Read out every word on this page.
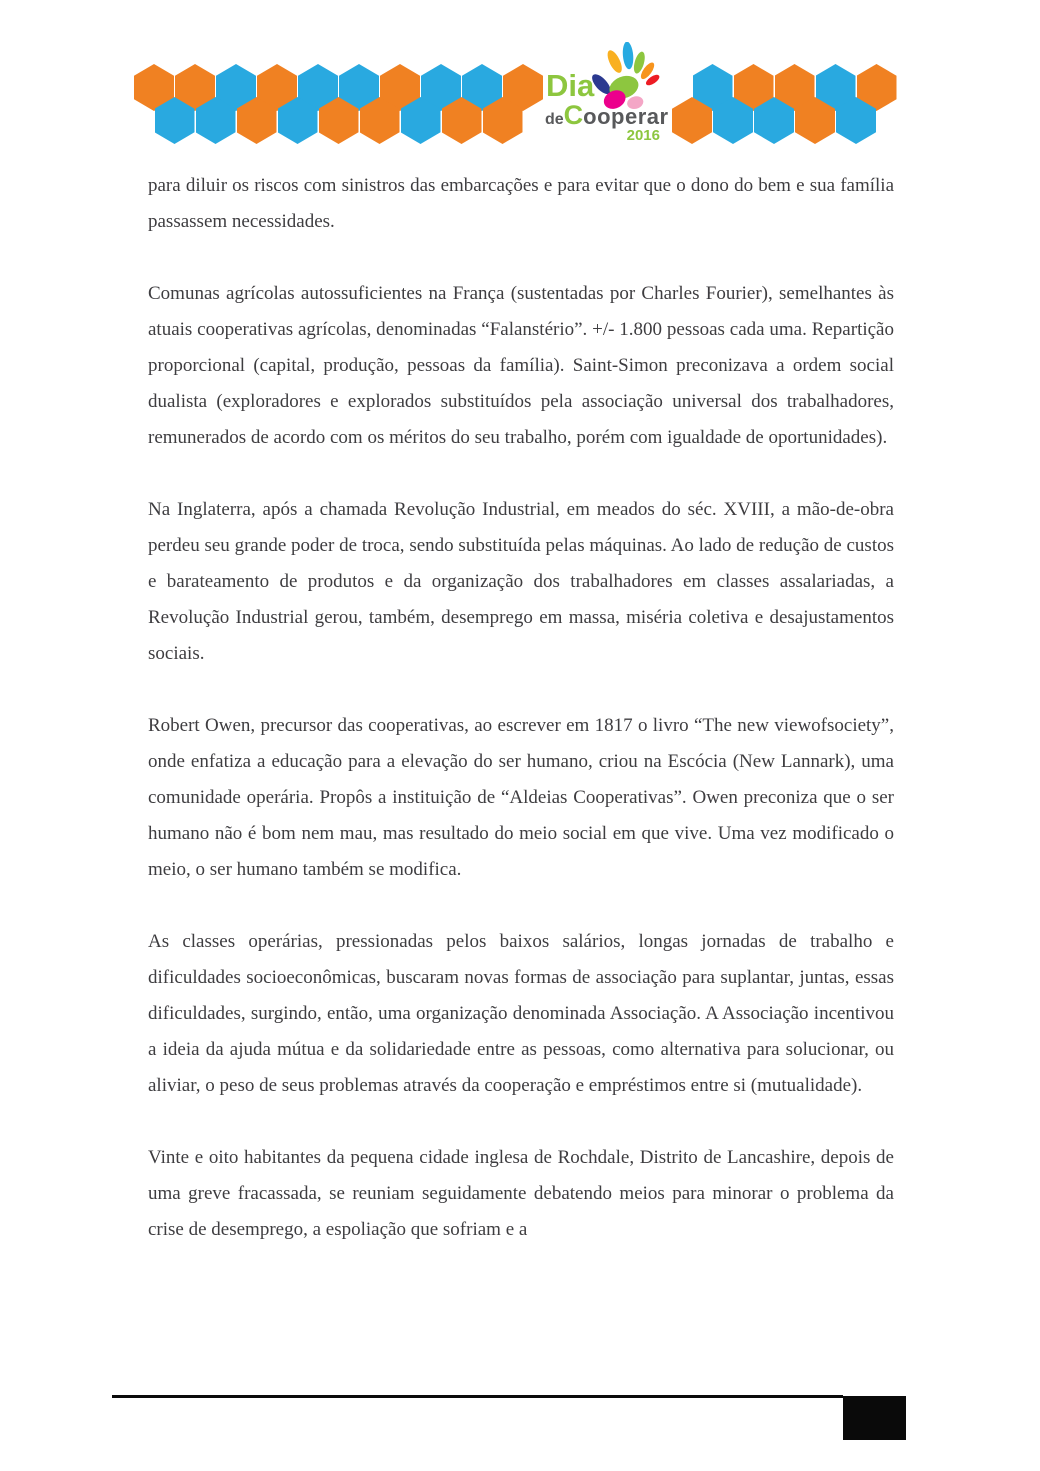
Dia
deCooperar
2016

para diluir os riscos com sinistros das embarcações e para evitar que o dono do bem e sua família passassem necessidades.

Comunas agrícolas autossuficientes na França (sustentadas por Charles Fourier), semelhantes às atuais cooperativas agrícolas, denominadas “Falanstério”. +/- 1.800 pessoas cada uma. Repartição proporcional (capital, produção, pessoas da família). Saint-Simon preconizava a ordem social dualista (exploradores e explorados substituídos pela associação universal dos trabalhadores, remunerados de acordo com os méritos do seu trabalho, porém com igualdade de oportunidades).

Na Inglaterra, após a chamada Revolução Industrial, em meados do séc. XVIII, a mão-de-obra perdeu seu grande poder de troca, sendo substituída pelas máquinas. Ao lado de redução de custos e barateamento de produtos e da organização dos trabalhadores em classes assalariadas, a Revolução Industrial gerou, também, desemprego em massa, miséria coletiva e desajustamentos sociais.

Robert Owen, precursor das cooperativas, ao escrever em 1817 o livro “The new viewofsociety”, onde enfatiza a educação para a elevação do ser humano, criou na Escócia (New Lannark), uma comunidade operária. Propôs a instituição de “Aldeias Cooperativas”. Owen preconiza que o ser humano não é bom nem mau, mas resultado do meio social em que vive. Uma vez modificado o meio, o ser humano também se modifica.

As classes operárias, pressionadas pelos baixos salários, longas jornadas de trabalho e dificuldades socioeconômicas, buscaram novas formas de associação para suplantar, juntas, essas dificuldades, surgindo, então, uma organização denominada Associação. A Associação incentivou a ideia da ajuda mútua e da solidariedade entre as pessoas, como alternativa para solucionar, ou aliviar, o peso de seus problemas através da cooperação e empréstimos entre si (mutualidade).

Vinte e oito habitantes da pequena cidade inglesa de Rochdale, Distrito de Lancashire, depois de uma greve fracassada, se reuniam seguidamente debatendo meios para minorar o problema da crise de desemprego, a espoliação que sofriam e a
